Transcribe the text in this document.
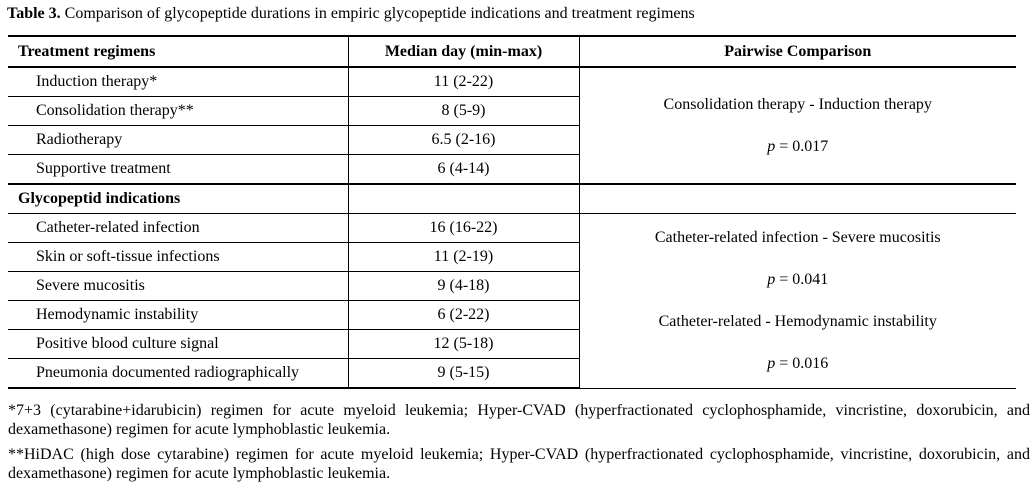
Table 3. Comparison of glycopeptide durations in empiric glycopeptide indications and treatment regimens
Treatment regimens	Median day (min-max)	Pairwise Comparison
Induction therapy*	11 (2-22)	Consolidation therapy - Induction therapy

p = 0.017

Consolidation therapy**	8 (5-9)	
Radiotherapy	6.5 (2-16)	
Supportive treatment	6 (4-14)	
Glycopeptid indications		
Catheter-related infection	16 (16-22)	Catheter-related infection - Severe mucositis

p = 0.041

Catheter-related - Hemodynamic instability

p = 0.016

Skin or soft-tissue infections	11 (2-19)	
Severe mucositis	9 (4-18)	
Hemodynamic instability	6 (2-22)	
Positive blood culture signal	12 (5-18)	
Pneumonia documented radiographically	9 (5-15)	

*7+3 (cytarabine+idarubicin) regimen for acute myeloid leukemia; Hyper-CVAD (hyperfractionated cyclophosphamide, vincristine, doxorubicin, and dexamethasone) regimen for acute lymphoblastic leukemia.

**HiDAC (high dose cytarabine) regimen for acute myeloid leukemia; Hyper-CVAD (hyperfractionated cyclophosphamide, vincristine, doxorubicin, and dexamethasone) regimen for acute lymphoblastic leukemia.
